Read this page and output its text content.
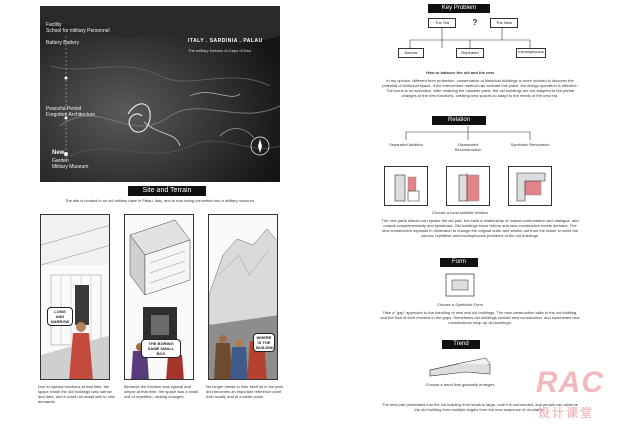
Facility
School for military Personnel
Battery Battery
Peaceful Period
Forgotten Architecture
New
Garden
Military Museum
ITALY . SARDINIA . PALAU
The military fortress of Capo d'Orso
Site and Terrain
The site is located in an old military base in Palau, Italy, and is now being converted into a military museum.
LONG AND NARROW
Due to special functions at that time, the space inside the old buildings was narrow and dark, and it could not adapt well to new demands.
THE BORING SAME SMALL BOX
Because the function was special and simple at that time, the space was a small unit of repetition, lacking changes.
WHERE IS THE BUILDING
No longer needs to hide itself as in the past, and becomes an important reference point both locally and at a wider scale.
Key Problem
The Old	?	The New
Narrow	Repeated	Inconspicuous
How to balance the old and the new
In my opinion, different from protection, conservation of historical buildings is more inclined to discover the potential of historical space. If the intervention method can activate this place, the design operation is effective. The focus is on activation, after retaining the valuable parts, the old buildings are not adapted to the partial changes of the new functions, creating new spaces to adapt to the needs of the new era.
Relation
Separated Addition	Dismantled Reconstruction
Symbiotic Renovation
Choose a most suitable relation
The new parts should not replace the old part, but build a relationship of mutual confrontation and dialogue, and mutual complementarity and symbiosis. Old buildings show history and new construction meets demand. The new construction expands in dimension to change the original order and stretch out from the inside to solve the narrow, repetitive and inconspicuous problems of the old buildings.
Form
Choose a Symbiotic Form
Take a "gap" approach to the handling of new and old buildings. The new construction talks to the old building, and the flow of time remains in the gaps. Sometimes old buildings contain new construction, and sometimes new constructions wrap up old buildings.
Trend
Choose a trend that gradually enlarges
The new part penetrates into the old building from small to large, until it is surrounded, and people can observe the old building from multiple angles from the new sequence of circulation.
RAC
设计课堂
